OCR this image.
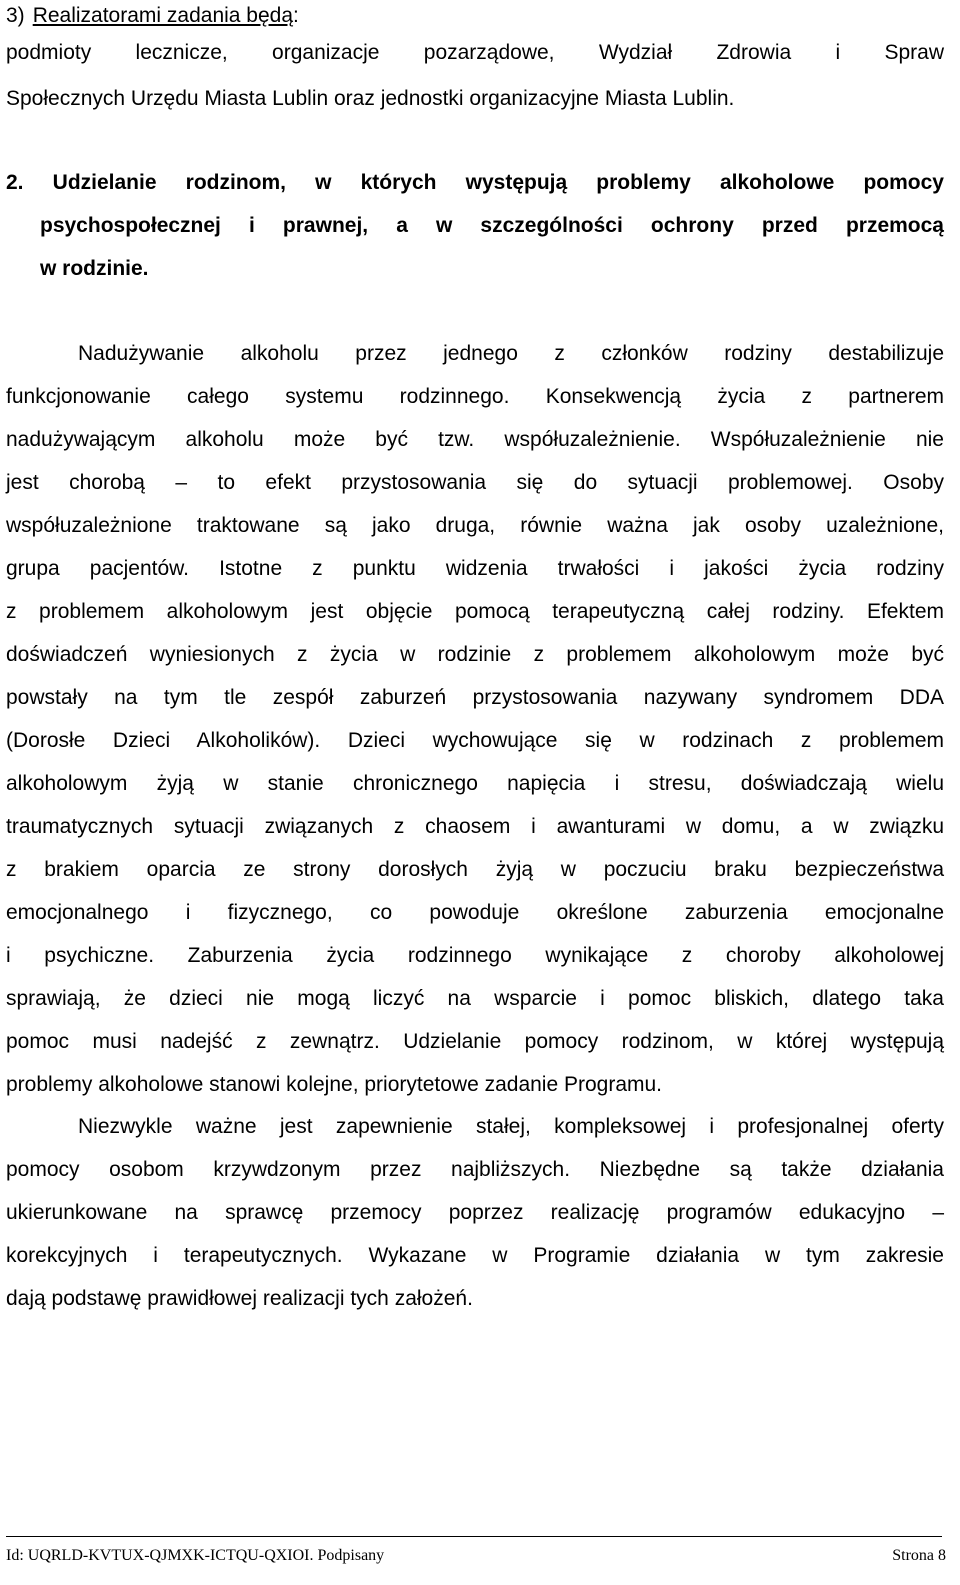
3) Realizatorami zadania będą:
podmioty lecznicze, organizacje pozarządowe, Wydział Zdrowia i Spraw
Społecznych Urzędu Miasta Lublin oraz jednostki organizacyjne Miasta Lublin.
2. Udzielanie rodzinom, w których występują problemy alkoholowe pomocy
psychospołecznej i prawnej, a w szczególności ochrony przed przemocą
w rodzinie.
Nadużywanie alkoholu przez jednego z członków rodziny destabilizuje
funkcjonowanie całego systemu rodzinnego. Konsekwencją życia z partnerem
nadużywającym alkoholu może być tzw. współuzależnienie. Współuzależnienie nie
jest chorobą – to efekt przystosowania się do sytuacji problemowej. Osoby
współuzależnione traktowane są jako druga, równie ważna jak osoby uzależnione,
grupa pacjentów. Istotne z punktu widzenia trwałości i jakości życia rodziny
z problemem alkoholowym jest objęcie pomocą terapeutyczną całej rodziny. Efektem
doświadczeń wyniesionych z życia w rodzinie z problemem alkoholowym może być
powstały na tym tle zespół zaburzeń przystosowania nazywany syndromem DDA
(Dorosłe Dzieci Alkoholików). Dzieci wychowujące się w rodzinach z problemem
alkoholowym żyją w stanie chronicznego napięcia i stresu, doświadczają wielu
traumatycznych sytuacji związanych z chaosem i awanturami w domu, a w związku
z brakiem oparcia ze strony dorosłych żyją w poczuciu braku bezpieczeństwa
emocjonalnego i fizycznego, co powoduje określone zaburzenia emocjonalne
i psychiczne. Zaburzenia życia rodzinnego wynikające z choroby alkoholowej
sprawiają, że dzieci nie mogą liczyć na wsparcie i pomoc bliskich, dlatego taka
pomoc musi nadejść z zewnątrz. Udzielanie pomocy rodzinom, w której występują
problemy alkoholowe stanowi kolejne, priorytetowe zadanie Programu.
Niezwykle ważne jest zapewnienie stałej, kompleksowej i profesjonalnej oferty
pomocy osobom krzywdzonym przez najbliższych. Niezbędne są także działania
ukierunkowane na sprawcę przemocy poprzez realizację programów edukacyjno –
korekcyjnych i terapeutycznych. Wykazane w Programie działania w tym zakresie
dają podstawę prawidłowej realizacji tych założeń.
Id: UQRLD-KVTUX-QJMXK-ICTQU-QXIOI. Podpisany	Strona 8
